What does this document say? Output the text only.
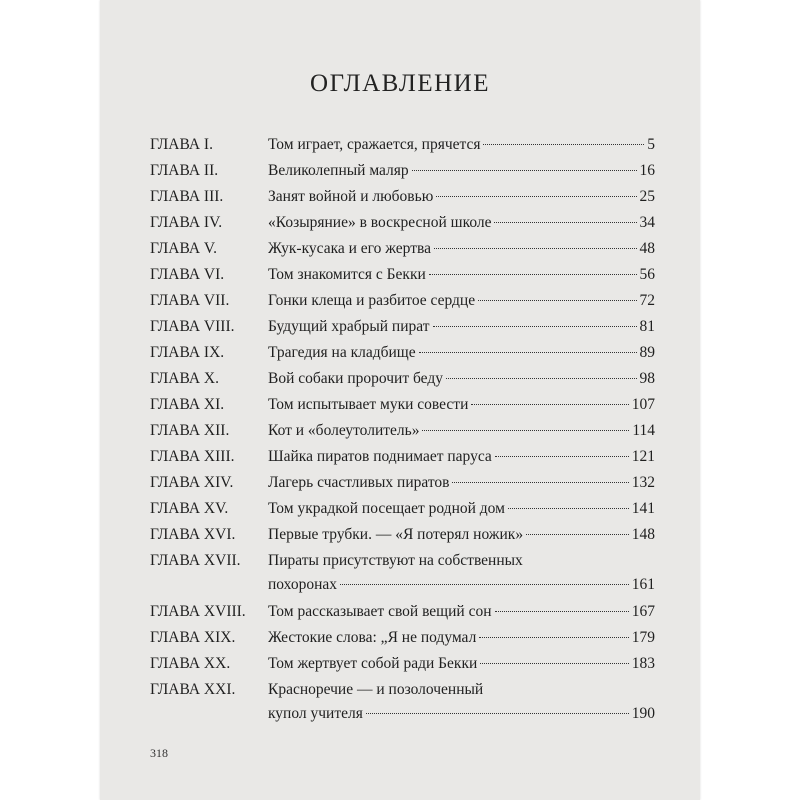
ОГЛАВЛЕНИЕ
ГЛАВА I.	Том играет, сражается, прячется	5
ГЛАВА II.	Великолепный маляр	16
ГЛАВА III.	Занят войной и любовью	25
ГЛАВА IV.	«Козыряние» в воскресной школе	34
ГЛАВА V.	Жук-кусака и его жертва	48
ГЛАВА VI.	Том знакомится с Бекки	56
ГЛАВА VII.	Гонки клеща и разбитое сердце	72
ГЛАВА VIII.	Будущий храбрый пират	81
ГЛАВА IX.	Трагедия на кладбище	89
ГЛАВА X.	Вой собаки пророчит беду	98
ГЛАВА XI.	Том испытывает муки совести	107
ГЛАВА XII.	Кот и «болеутолитель»	114
ГЛАВА XIII.	Шайка пиратов поднимает паруса	121
ГЛАВА XIV.	Лагерь счастливых пиратов	132
ГЛАВА XV.	Том украдкой посещает родной дом	141
ГЛАВА XVI.	Первые трубки. — «Я потерял ножик»	148
ГЛАВА XVII.	Пираты присутствуют на собственных
похоронах	161
ГЛАВА XVIII.	Том рассказывает свой вещий сон	167
ГЛАВА XIX.	Жестокие слова: „Я не подумал	179
ГЛАВА XX.	Том жертвует собой ради Бекки	183
ГЛАВА XXI.	Красноречие — и позолоченный
купол учителя	190
318
